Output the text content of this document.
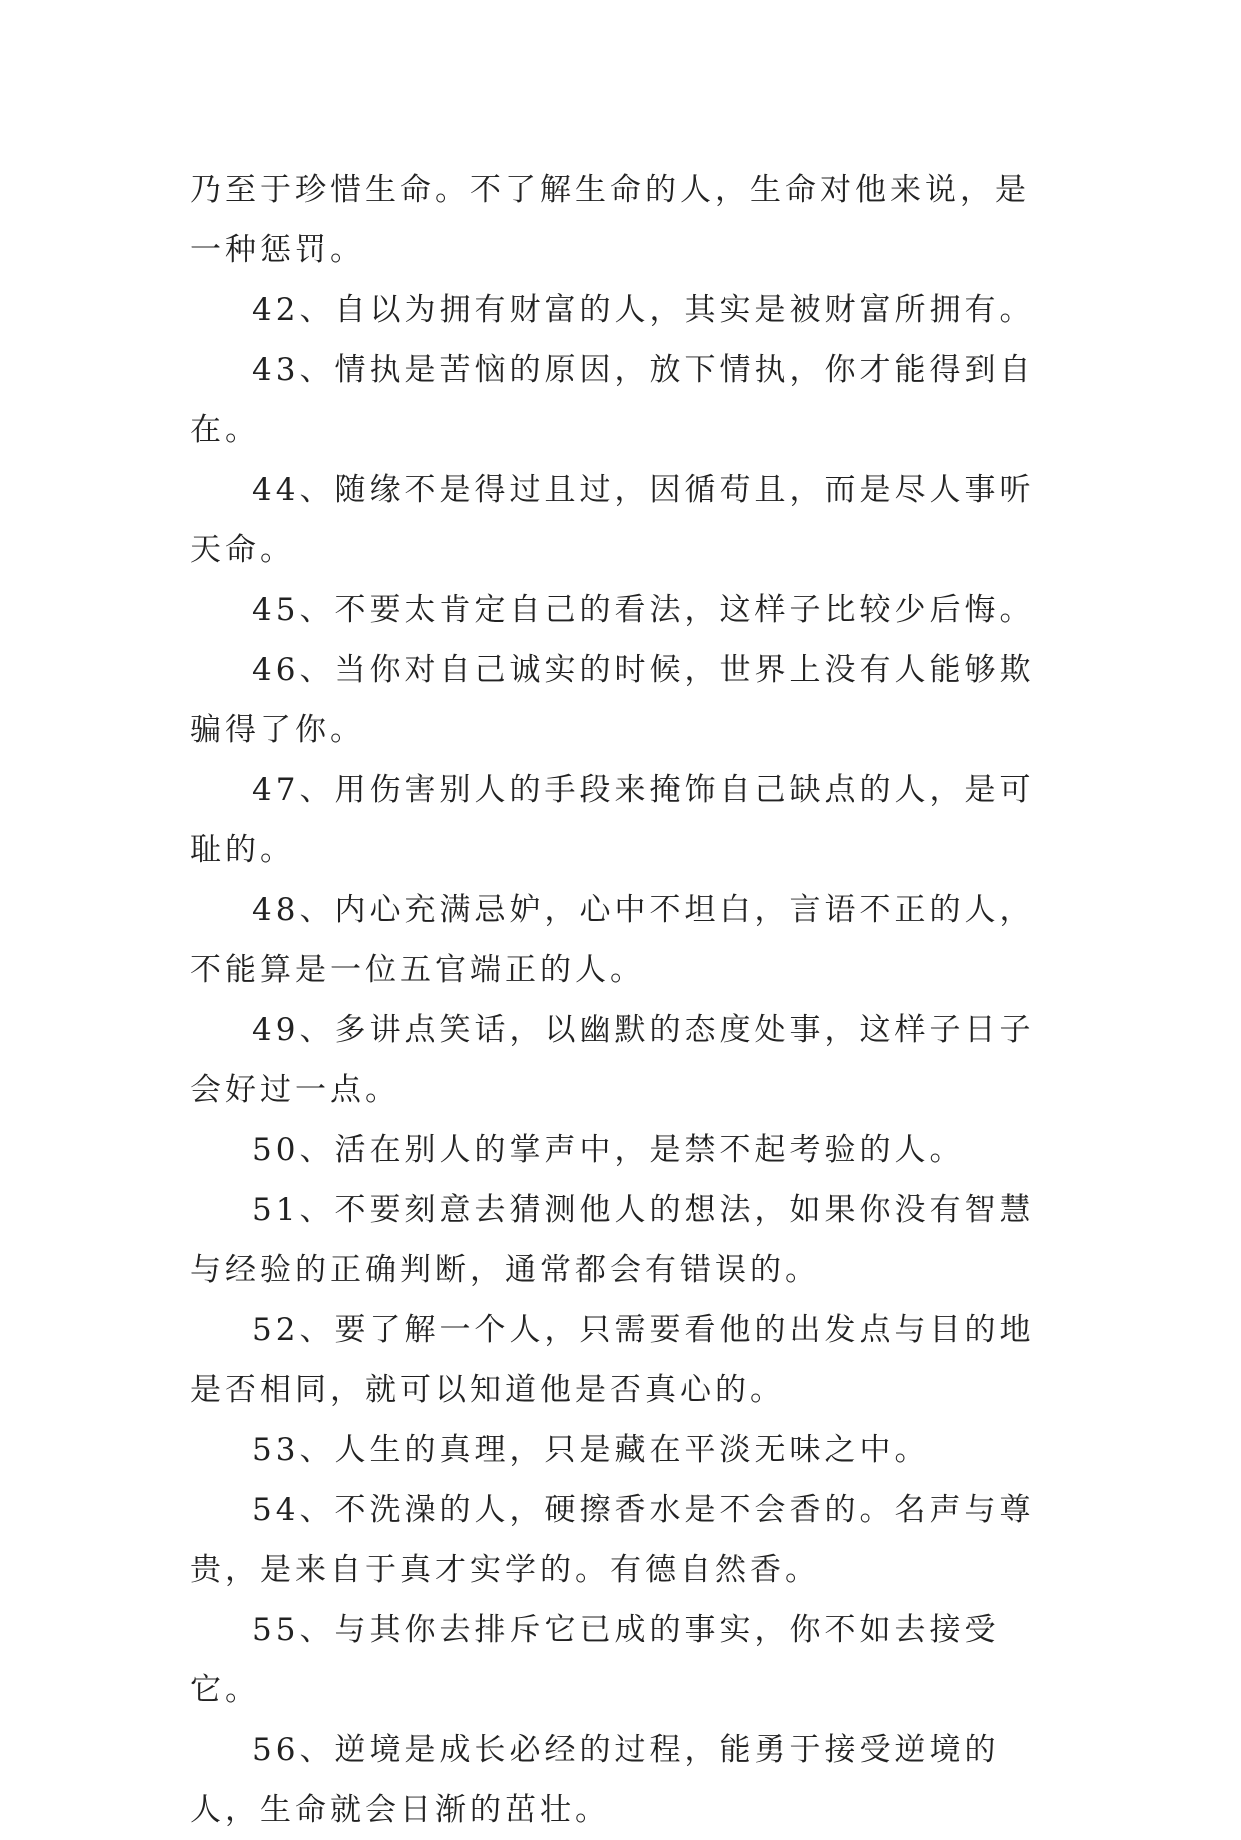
乃至于珍惜生命。不了解生命的人，生命对他来说，是一种惩罚。

42、自以为拥有财富的人，其实是被财富所拥有。

43、情执是苦恼的原因，放下情执，你才能得到自在。

44、随缘不是得过且过，因循苟且，而是尽人事听天命。

45、不要太肯定自己的看法，这样子比较少后悔。

46、当你对自己诚实的时候，世界上没有人能够欺骗得了你。

47、用伤害别人的手段来掩饰自己缺点的人，是可耻的。

48、内心充满忌妒，心中不坦白，言语不正的人，不能算是一位五官端正的人。

49、多讲点笑话，以幽默的态度处事，这样子日子会好过一点。

50、活在别人的掌声中，是禁不起考验的人。

51、不要刻意去猜测他人的想法，如果你没有智慧与经验的正确判断，通常都会有错误的。

52、要了解一个人，只需要看他的出发点与目的地是否相同，就可以知道他是否真心的。

53、人生的真理，只是藏在平淡无味之中。

54、不洗澡的人，硬擦香水是不会香的。名声与尊贵，是来自于真才实学的。有德自然香。

55、与其你去排斥它已成的事实，你不如去接受它。

56、逆境是成长必经的过程，能勇于接受逆境的人，生命就会日渐的茁壮。
